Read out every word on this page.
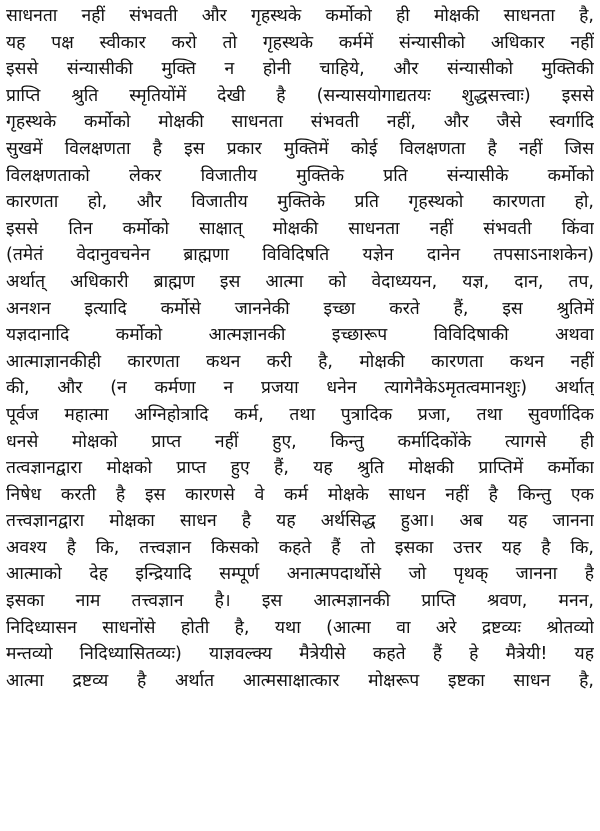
साधनता नहीं संभवती और गृहस्थके कर्मोको ही मोक्षकी साधनता है,
यह पक्ष स्वीकार करो तो गृहस्थके कर्ममें संन्यासीको अधिकार नहीं
इससे संन्यासीकी मुक्ति न होनी चाहिये, और संन्यासीको मुक्तिकी
प्राप्ति श्रुति स्मृतियोंमें देखी है (सन्यासयोगाद्यतयः शुद्धसत्त्वाः) इससे
गृहस्थके कर्मोको मोक्षकी साधनता संभवती नहीं, और जैसे स्वर्गादि
सुखमें विलक्षणता है इस प्रकार मुक्तिमें कोई विलक्षणता है नहीं जिस
विलक्षणताको लेकर विजातीय मुक्तिके प्रति संन्यासीके कर्मोको
कारणता हो, और विजातीय मुक्तिके प्रति गृहस्थको कारणता हो,
इससे तिन कर्मोको साक्षात् मोक्षकी साधनता नहीं संभवती किंवा
(तमेतं वेदानुवचनेन ब्राह्मणा विविदिषति यज्ञेन दानेन तपसाऽनाशकेन)
अर्थात् अधिकारी ब्राह्मण इस आत्मा को वेदाध्ययन, यज्ञ, दान, तप,
अनशन इत्यादि कर्मोसे जाननेकी इच्छा करते हैं, इस श्रुतिमें
यज्ञदानादि कर्मोको आत्मज्ञानकी इच्छारूप विविदिषाकी अथवा
आत्माज्ञानकीही कारणता कथन करी है, मोक्षकी कारणता कथन नहीं
की, और (न कर्मणा न प्रजया धनेन त्यागेनैकेऽमृतत्वमानशुः) अर्थात्
पूर्वज महात्मा अग्निहोत्रादि कर्म, तथा पुत्रादिक प्रजा, तथा सुवर्णादिक
धनसे मोक्षको प्राप्त नहीं हुए, किन्तु कर्मादिकोंके त्यागसे ही
तत्वज्ञानद्वारा मोक्षको प्राप्त हुए हैं, यह श्रुति मोक्षकी प्राप्तिमें कर्मोका
निषेध करती है इस कारणसे वे कर्म मोक्षके साधन नहीं है किन्तु एक
तत्त्वज्ञानद्वारा मोक्षका साधन है यह अर्थसिद्ध हुआ। अब यह जानना
अवश्य है कि, तत्त्वज्ञान किसको कहते हैं तो इसका उत्तर यह है कि,
आत्माको देह इन्द्रियादि सम्पूर्ण अनात्मपदार्थोसे जो पृथक् जानना है
इसका नाम तत्त्वज्ञान है। इस आत्मज्ञानकी प्राप्ति श्रवण, मनन,
निदिध्यासन साधनोंसे होती है, यथा (आत्मा वा अरे द्रष्टव्यः श्रोतव्यो
मन्तव्यो निदिध्यासितव्यः) याज्ञवल्क्य मैत्रेयीसे कहते हैं हे मैत्रेयी! यह
आत्मा द्रष्टव्य है अर्थात आत्मसाक्षात्कार मोक्षरूप इष्टका साधन है,
